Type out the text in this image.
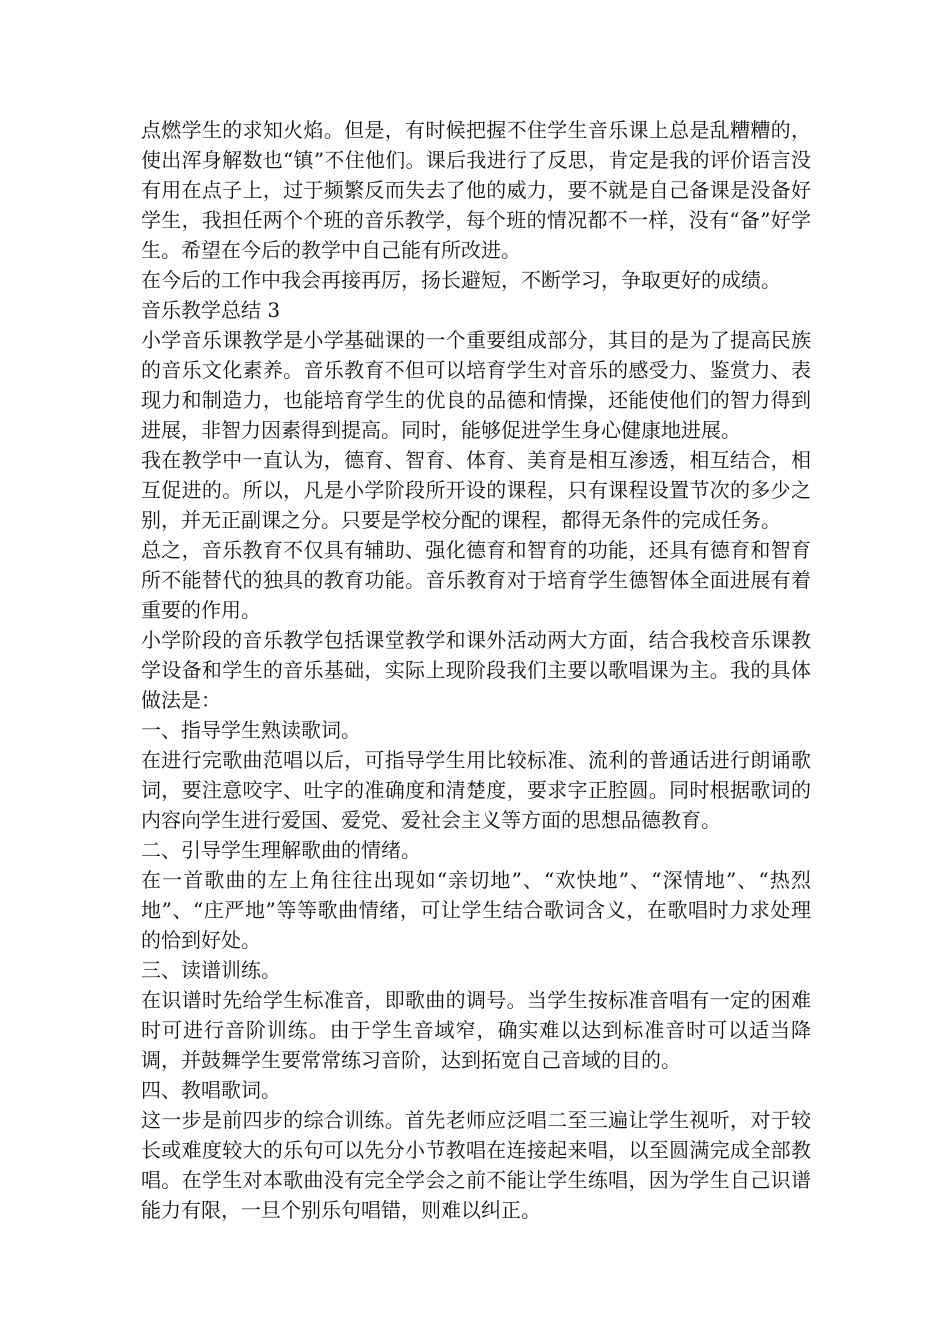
点燃学生的求知火焰。但是，有时候把握不住学生音乐课上总是乱糟糟的，使出浑身解数也“镇”不住他们。课后我进行了反思，肯定是我的评价语言没有用在点子上，过于频繁反而失去了他的威力，要不就是自己备课是没备好学生，我担任两个个班的音乐教学，每个班的情况都不一样，没有“备”好学生。希望在今后的教学中自己能有所改进。

在今后的工作中我会再接再厉，扬长避短，不断学习，争取更好的成绩。

音乐教学总结 3

小学音乐课教学是小学基础课的一个重要组成部分，其目的是为了提高民族的音乐文化素养。音乐教育不但可以培育学生对音乐的感受力、鉴赏力、表现力和制造力，也能培育学生的优良的品德和情操，还能使他们的智力得到进展，非智力因素得到提高。同时，能够促进学生身心健康地进展。

我在教学中一直认为，德育、智育、体育、美育是相互渗透，相互结合，相互促进的。所以，凡是小学阶段所开设的课程，只有课程设置节次的多少之别，并无正副课之分。只要是学校分配的课程，都得无条件的完成任务。

总之，音乐教育不仅具有辅助、强化德育和智育的功能，还具有德育和智育所不能替代的独具的教育功能。音乐教育对于培育学生德智体全面进展有着重要的作用。

小学阶段的音乐教学包括课堂教学和课外活动两大方面，结合我校音乐课教学设备和学生的音乐基础，实际上现阶段我们主要以歌唱课为主。我的具体做法是：

一、指导学生熟读歌词。

在进行完歌曲范唱以后，可指导学生用比较标准、流利的普通话进行朗诵歌词，要注意咬字、吐字的准确度和清楚度，要求字正腔圆。同时根据歌词的内容向学生进行爱国、爱党、爱社会主义等方面的思想品德教育。

二、引导学生理解歌曲的情绪。

在一首歌曲的左上角往往出现如“亲切地”、“欢快地”、“深情地”、“热烈地”、“庄严地”等等歌曲情绪，可让学生结合歌词含义，在歌唱时力求处理的恰到好处。

三、读谱训练。

在识谱时先给学生标准音，即歌曲的调号。当学生按标准音唱有一定的困难时可进行音阶训练。由于学生音域窄，确实难以达到标准音时可以适当降调，并鼓舞学生要常常练习音阶，达到拓宽自己音域的目的。

四、教唱歌词。

这一步是前四步的综合训练。首先老师应泛唱二至三遍让学生视听，对于较长或难度较大的乐句可以先分小节教唱在连接起来唱，以至圆满完成全部教唱。在学生对本歌曲没有完全学会之前不能让学生练唱，因为学生自己识谱能力有限，一旦个别乐句唱错，则难以纠正。
